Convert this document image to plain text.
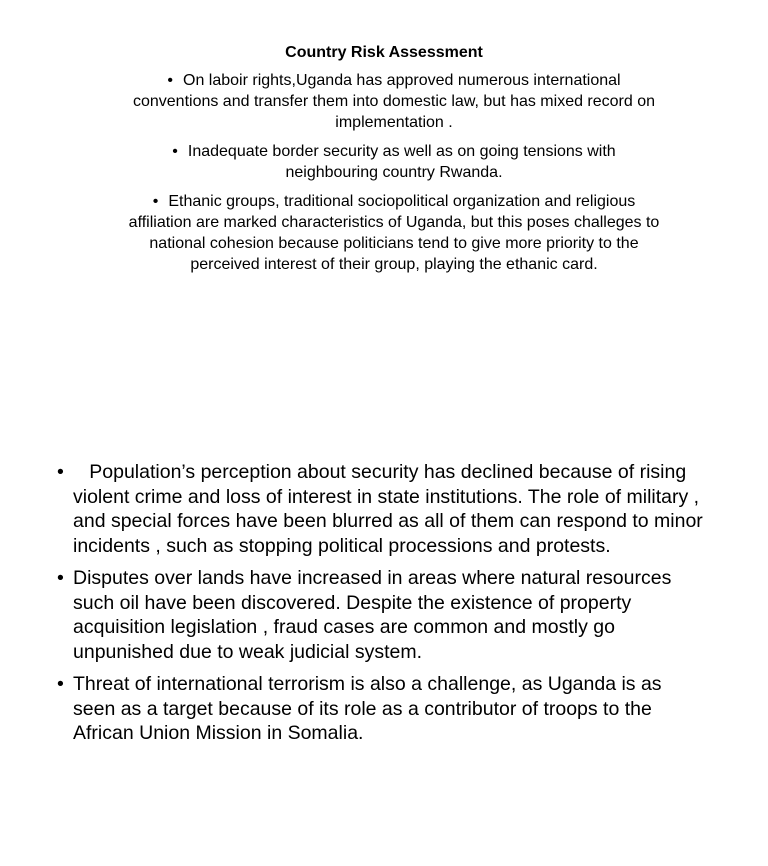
Country Risk Assessment
• On laboir rights,Uganda has approved numerous international conventions and transfer them into domestic law, but has mixed record on implementation .
• Inadequate border security as well as on going tensions with neighbouring country Rwanda.
• Ethanic groups, traditional sociopolitical organization and religious affiliation are marked characteristics of Uganda, but this poses challeges to national cohesion because politicians tend to give more priority to the perceived interest of their group, playing the ethanic card.
• Population’s perception about security has declined because of rising violent crime and loss of interest in state institutions. The role of military , and special forces have been blurred as all of them can respond to minor incidents , such as stopping political processions and protests.
• Disputes over lands have increased in areas where natural resources such oil have been discovered. Despite the existence of property acquisition legislation , fraud cases are common and mostly go unpunished due to weak judicial system.
• Threat of international terrorism is also a challenge, as Uganda is as seen as a target because of its role as a contributor of troops to the African Union Mission in Somalia.
